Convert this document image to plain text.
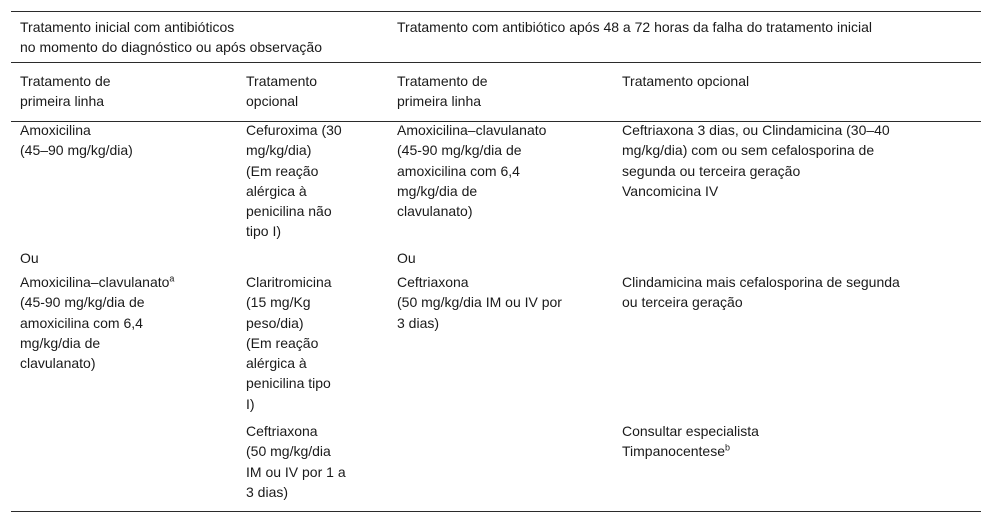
Tratamento inicial com antibióticos
no momento do diagnóstico ou após observação
Tratamento com antibiótico após 48 a 72 horas da falha do tratamento inicial
Tratamento de
primeira linha
Tratamento
opcional
Tratamento de
primeira linha
Tratamento opcional
Amoxicilina
(45–90 mg/kg/dia)
Cefuroxima (30
mg/kg/dia)
(Em reação
alérgica à
penicilina não
tipo I)
Amoxicilina–clavulanato
(45-90 mg/kg/dia de
amoxicilina com 6,4
mg/kg/dia de
clavulanato)
Ceftriaxona 3 dias, ou Clindamicina (30–40
mg/kg/dia) com ou sem cefalosporina de
segunda ou terceira geração
Vancomicina IV
Ou	Ou
Amoxicilina–clavulanato$^a$
(45-90 mg/kg/dia de
amoxicilina com 6,4
mg/kg/dia de
clavulanato)
Claritromicina
(15 mg/Kg
peso/dia)
(Em reação
alérgica à
penicilina tipo
I)
Ceftriaxona
(50 mg/kg/dia IM ou IV por
3 dias)
Clindamicina mais cefalosporina de segunda
ou terceira geração
Ceftriaxona
(50 mg/kg/dia
IM ou IV por 1 a
3 dias)
Consultar especialista
Timpanocentese$^b$
